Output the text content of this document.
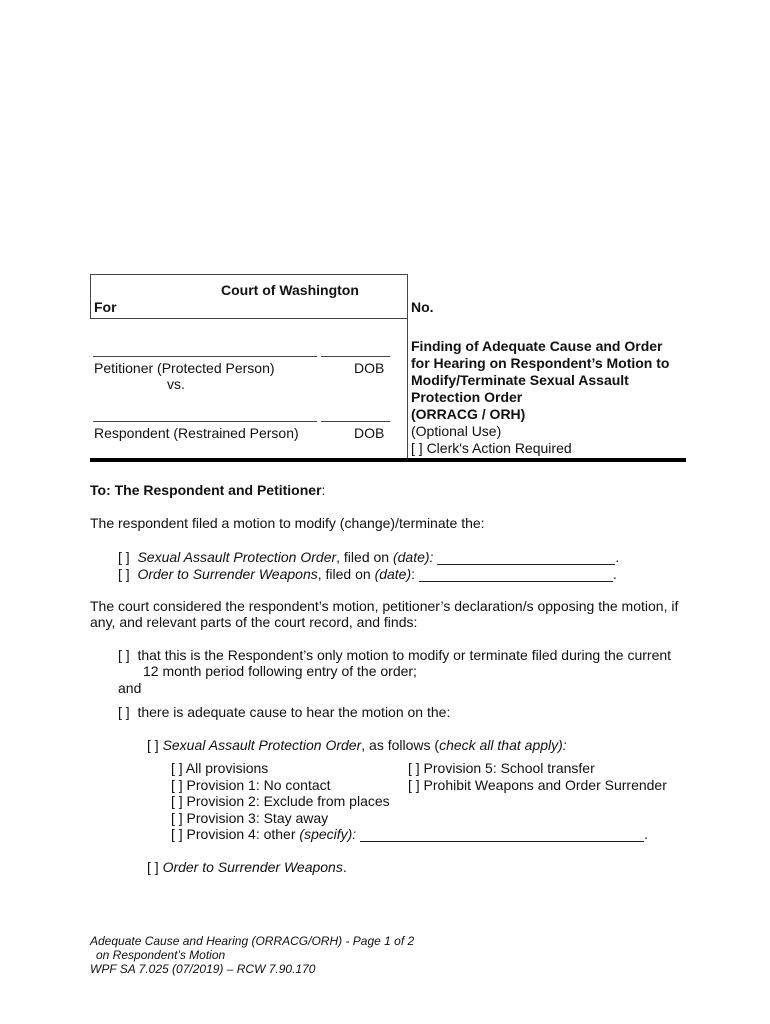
Court of Washington
For	No.
Petitioner (Protected Person)	DOB
vs.
Respondent (Restrained Person)	DOB
Finding of Adequate Cause and Order
for Hearing on Respondent’s Motion to
Modify/Terminate Sexual Assault
Protection Order
(ORRACG / ORH)
(Optional Use)
[ ] Clerk's Action Required
To: The Respondent and Petitioner:
The respondent filed a motion to modify (change)/terminate the:
[ ] Sexual Assault Protection Order, filed on (date):	.
[ ] Order to Surrender Weapons, filed on (date):	.
The court considered the respondent’s motion, petitioner’s declaration/s opposing the motion, if
any, and relevant parts of the court record, and finds:
[ ] that this is the Respondent’s only motion to modify or terminate filed during the current
12 month period following entry of the order;
and
[ ] there is adequate cause to hear the motion on the:
[ ] Sexual Assault Protection Order, as follows (check all that apply):
[ ] All provisions
[ ] Provision 1: No contact
[ ] Provision 2: Exclude from places
[ ] Provision 3: Stay away
[ ] Provision 4: other (specify):	.
[ ] Provision 5: School transfer
[ ] Prohibit Weapons and Order Surrender
[ ] Order to Surrender Weapons.
Adequate Cause and Hearing (ORRACG/ORH) - Page 1 of 2
on Respondent’s Motion
WPF SA 7.025 (07/2019) – RCW 7.90.170
